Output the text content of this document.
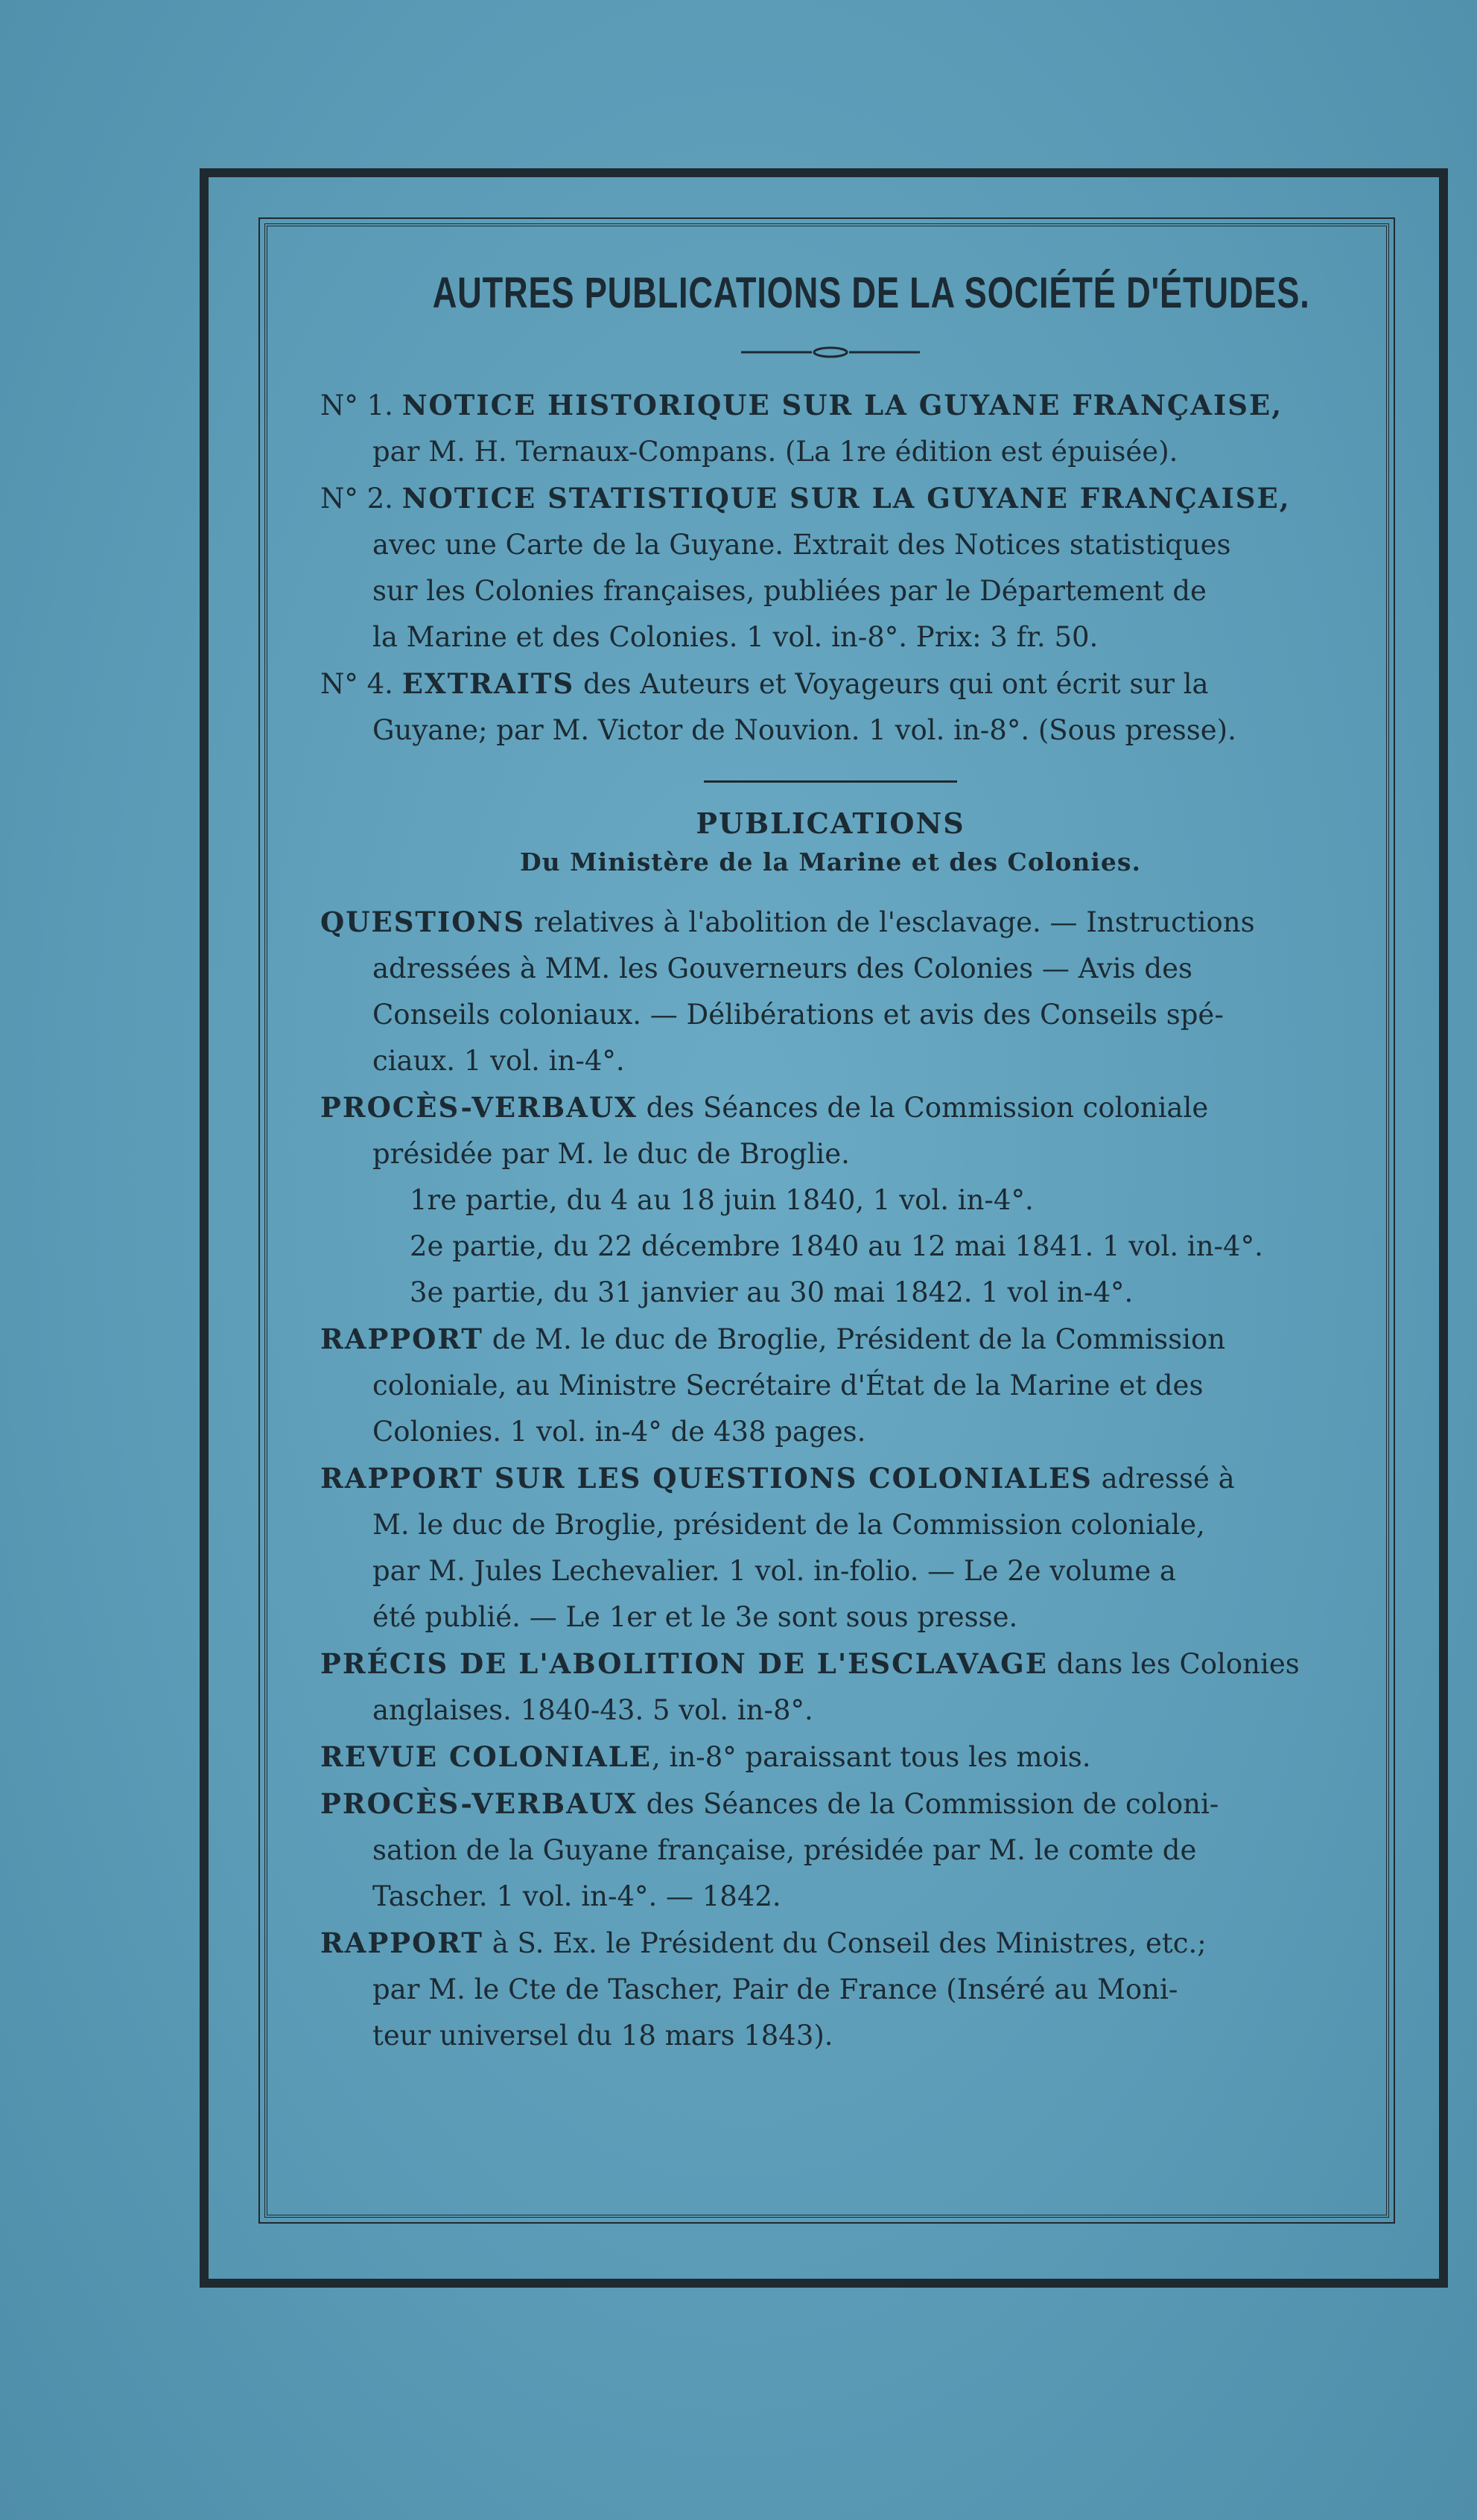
AUTRES PUBLICATIONS DE LA SOCIÉTÉ D'ÉTUDES.
N° 1. NOTICE HISTORIQUE SUR LA GUYANE FRANÇAISE,
par M. H. Ternaux-Compans. (La 1re édition est épuisée).
N° 2. NOTICE STATISTIQUE SUR LA GUYANE FRANÇAISE,
avec une Carte de la Guyane. Extrait des Notices statistiques
sur les Colonies françaises, publiées par le Département de
la Marine et des Colonies. 1 vol. in-8°. Prix: 3 fr. 50.
N° 4. EXTRAITS des Auteurs et Voyageurs qui ont écrit sur la
Guyane; par M. Victor de Nouvion. 1 vol. in-8°. (Sous presse).
PUBLICATIONS
Du Ministère de la Marine et des Colonies.
QUESTIONS relatives à l'abolition de l'esclavage. — Instructions
adressées à MM. les Gouverneurs des Colonies — Avis des
Conseils coloniaux. — Délibérations et avis des Conseils spé-
ciaux. 1 vol. in-4°.
PROCÈS-VERBAUX des Séances de la Commission coloniale
présidée par M. le duc de Broglie.
1re partie, du 4 au 18 juin 1840, 1 vol. in-4°.
2e partie, du 22 décembre 1840 au 12 mai 1841. 1 vol. in-4°.
3e partie, du 31 janvier au 30 mai 1842. 1 vol in-4°.
RAPPORT de M. le duc de Broglie, Président de la Commission
coloniale, au Ministre Secrétaire d'État de la Marine et des
Colonies. 1 vol. in-4° de 438 pages.
RAPPORT SUR LES QUESTIONS COLONIALES adressé à
M. le duc de Broglie, président de la Commission coloniale,
par M. Jules Lechevalier. 1 vol. in-folio. — Le 2e volume a
été publié. — Le 1er et le 3e sont sous presse.
PRÉCIS DE L'ABOLITION DE L'ESCLAVAGE dans les Colonies
anglaises. 1840-43. 5 vol. in-8°.
REVUE COLONIALE, in-8° paraissant tous les mois.
PROCÈS-VERBAUX des Séances de la Commission de coloni-
sation de la Guyane française, présidée par M. le comte de
Tascher. 1 vol. in-4°. — 1842.
RAPPORT à S. Ex. le Président du Conseil des Ministres, etc.;
par M. le Cte de Tascher, Pair de France (Inséré au Moni-
teur universel du 18 mars 1843).
